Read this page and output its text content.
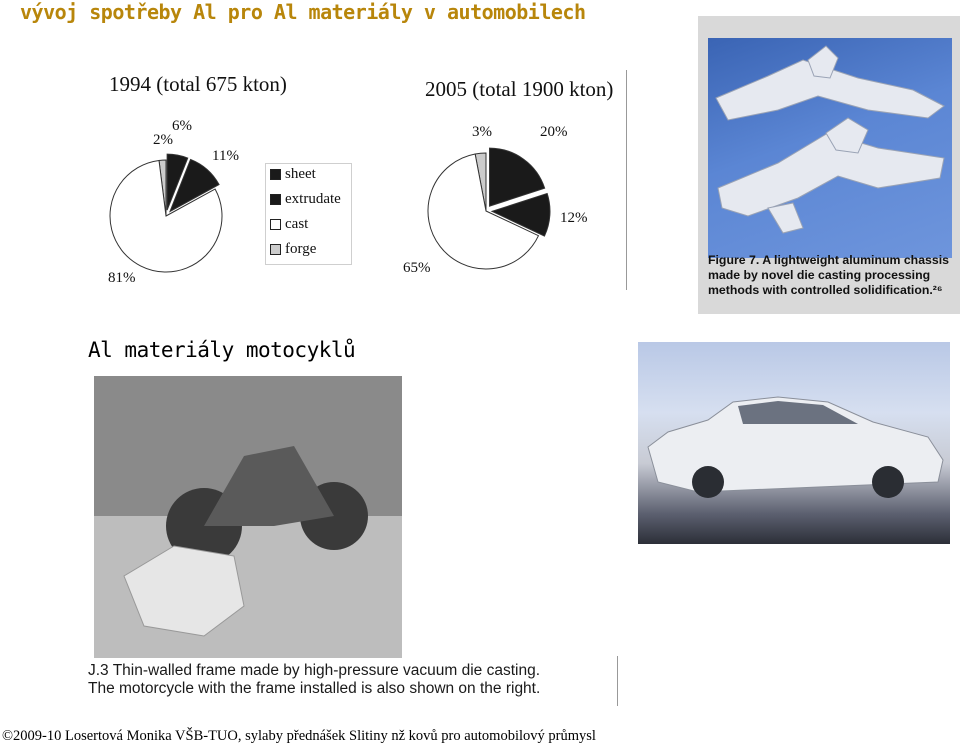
vývoj spotřeby Al pro Al materiály v automobilech
1994 (total 675 kton)
6%
11%
81%
2%
sheet
extrudate
cast
forge
2005 (total 1900 kton)
20%
12%
65%
3%
Figure 7. A lightweight aluminum chassis made by novel die casting processing methods with controlled solidification.²⁶
Al materiály motocyklů
J.3 Thin-walled frame made by high-pressure vacuum die casting.
The motorcycle with the frame installed is also shown on the right.
©2009-10 Losertová Monika VŠB-TUO, sylaby přednášek Slitiny nž kovů pro automobilový průmysl
